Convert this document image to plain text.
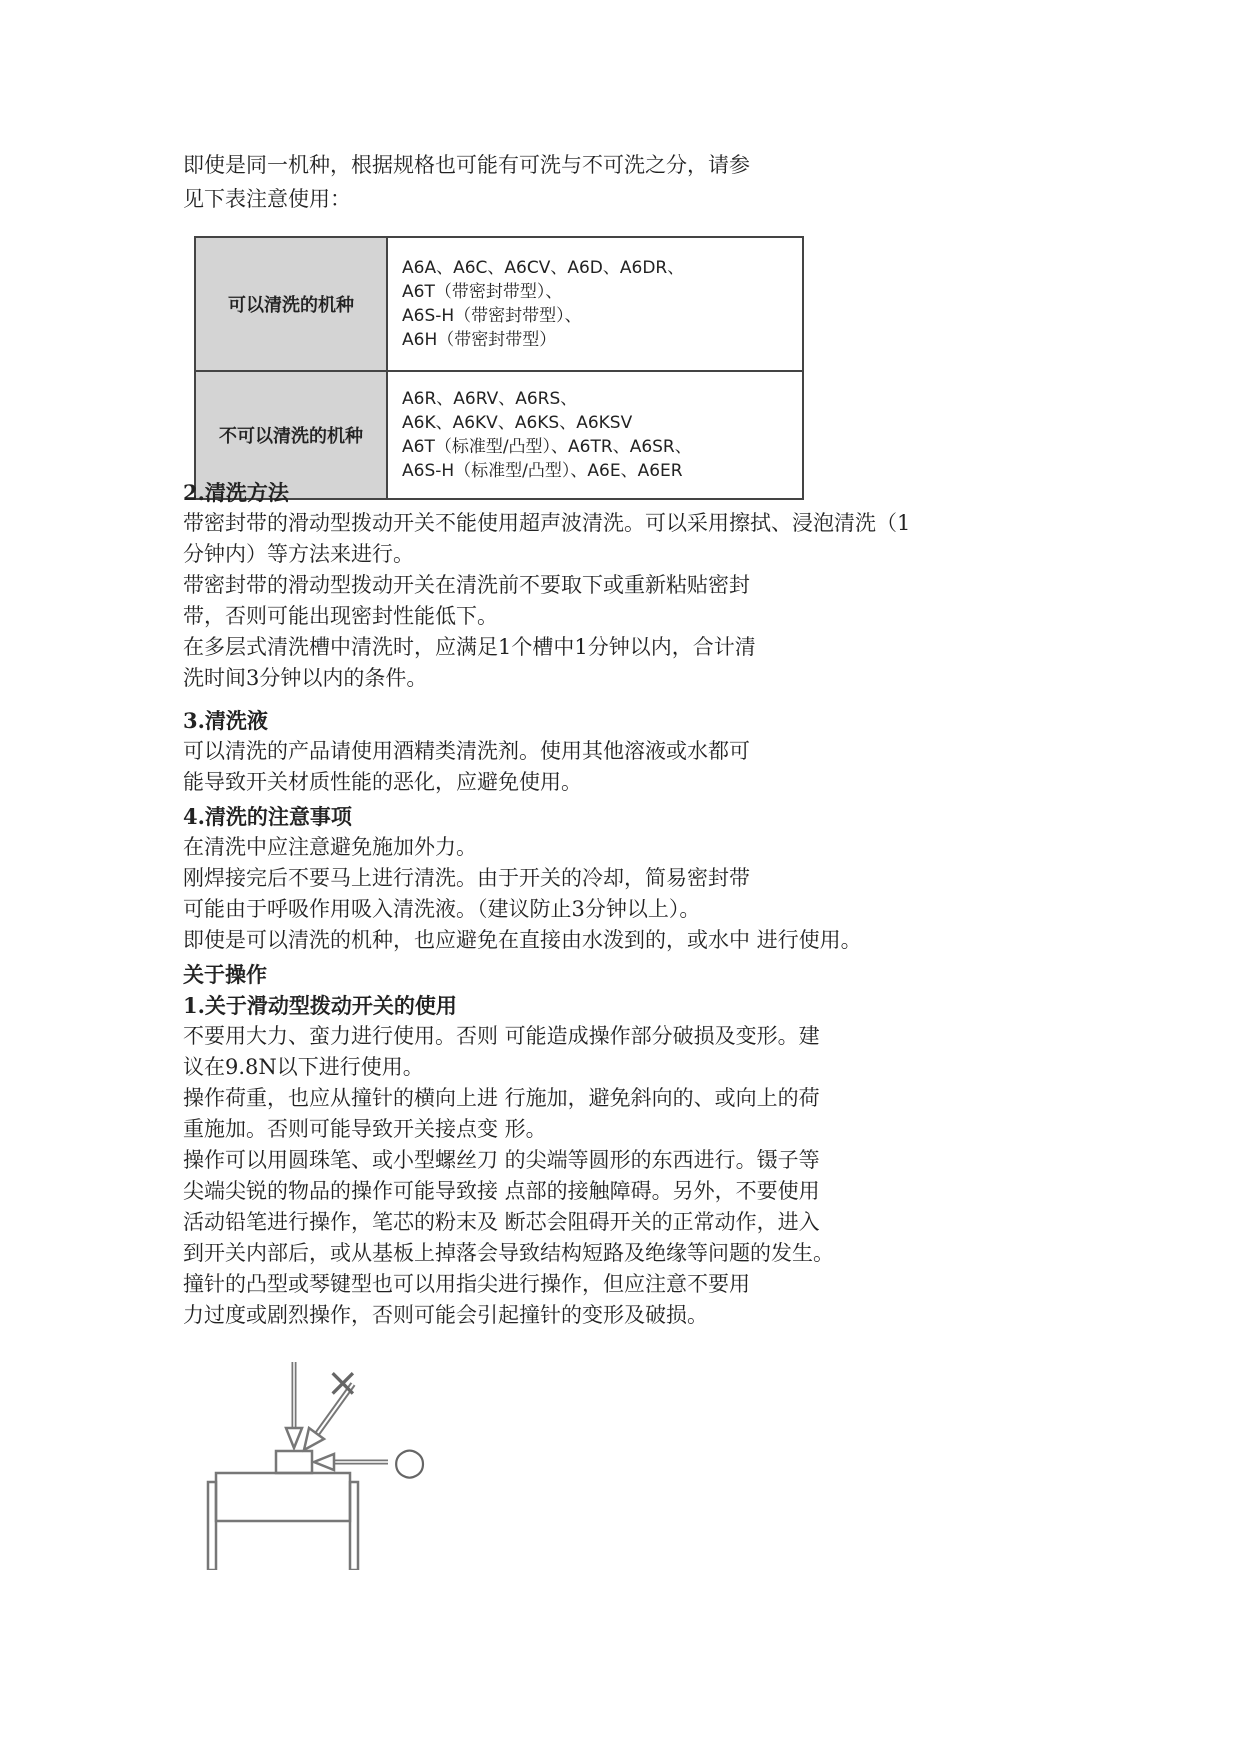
即使是同一机种，根据规格也可能有可洗与不可洗之分，请参
见下表注意使用：
可以清洗的机种	A6A、A6C、A6CV、A6D、A6DR、
A6T（带密封带型）、
A6S-H（带密封带型）、
A6H（带密封带型）

不可以清洗的机种	A6R、A6RV、A6RS、
A6K、A6KV、A6KS、A6KSV
A6T（标准型/凸型）、A6TR、A6SR、
A6S-H（标准型/凸型）、A6E、A6ER
2.清洗方法
带密封带的滑动型拨动开关不能使用超声波清洗。可以采用擦拭、浸泡清洗（1
分钟内）等方法来进行。
带密封带的滑动型拨动开关在清洗前不要取下或重新粘贴密封
带，否则可能出现密封性能低下。
在多层式清洗槽中清洗时，应满足1个槽中1分钟以内，合计清
洗时间3分钟以内的条件。
3.清洗液
可以清洗的产品请使用酒精类清洗剂。使用其他溶液或水都可
能导致开关材质性能的恶化，应避免使用。
4.清洗的注意事项
在清洗中应注意避免施加外力。
刚焊接完后不要马上进行清洗。由于开关的冷却，简易密封带
可能由于呼吸作用吸入清洗液。（建议防止3分钟以上）。
即使是可以清洗的机种，也应避免在直接由水泼到的，或水中 进行使用。
关于操作
1.关于滑动型拨动开关的使用
不要用大力、蛮力进行使用。否则 可能造成操作部分破损及变形。建
议在9.8N以下进行使用。
操作荷重，也应从撞针的横向上进 行施加，避免斜向的、或向上的荷
重施加。否则可能导致开关接点变 形。
操作可以用圆珠笔、或小型螺丝刀 的尖端等圆形的东西进行。镊子等
尖端尖锐的物品的操作可能导致接 点部的接触障碍。另外，不要使用
活动铅笔进行操作，笔芯的粉末及 断芯会阻碍开关的正常动作，进入
到开关内部后，或从基板上掉落会导致结构短路及绝缘等问题的发生。
撞针的凸型或琴键型也可以用指尖进行操作，但应注意不要用
力过度或剧烈操作，否则可能会引起撞针的变形及破损。
×
○
